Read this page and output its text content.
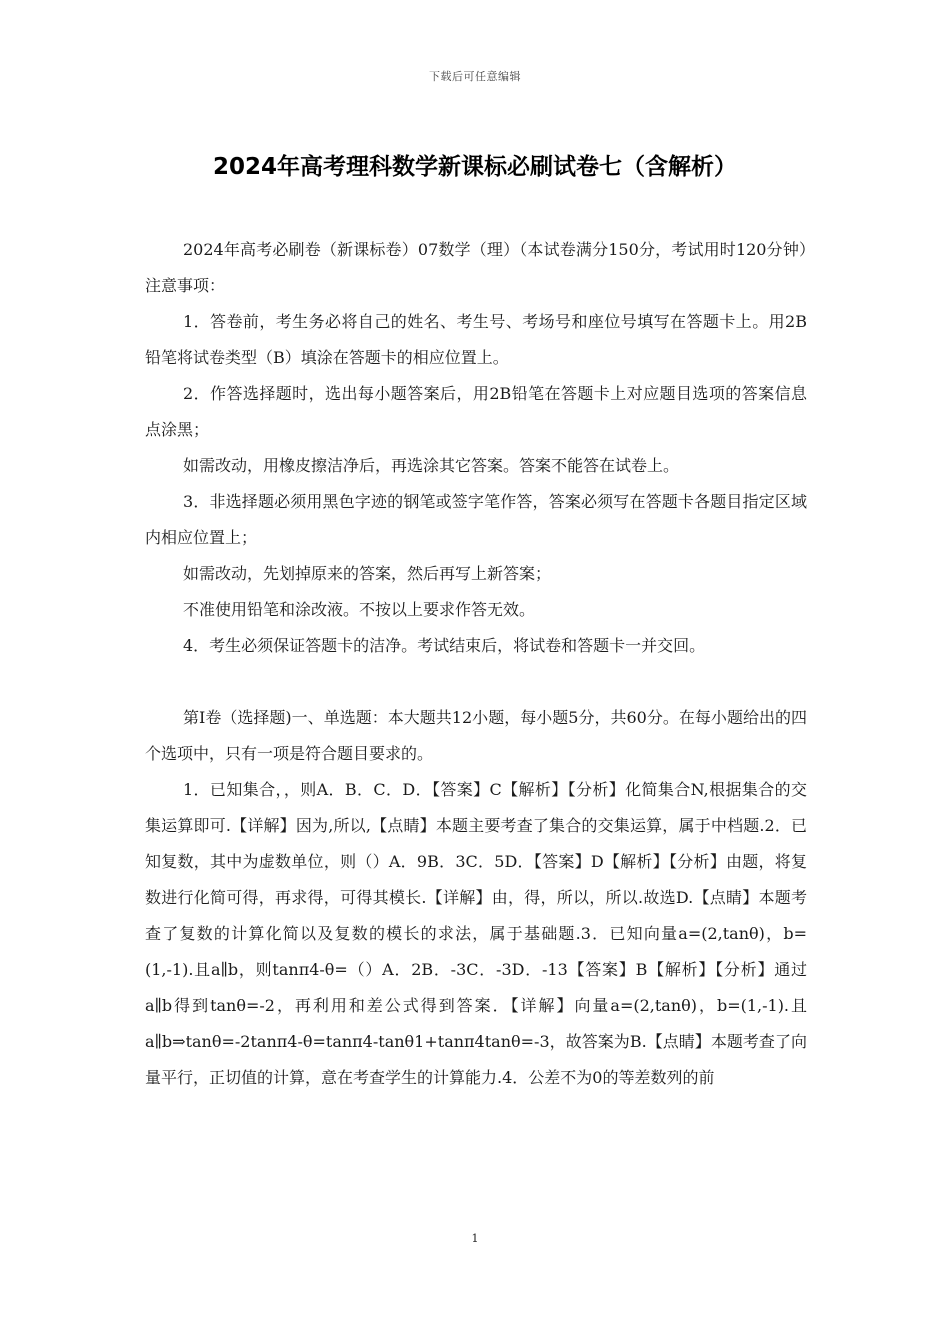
下载后可任意编辑
2024年高考理科数学新课标必刷试卷七（含解析）

2024年高考必刷卷（新课标卷）07数学（理）（本试卷满分150分，考试用时120分钟）注意事项：

1．答卷前，考生务必将自己的姓名、考生号、考场号和座位号填写在答题卡上。用2B铅笔将试卷类型（B）填涂在答题卡的相应位置上。

2．作答选择题时，选出每小题答案后，用2B铅笔在答题卡上对应题目选项的答案信息点涂黑；

如需改动，用橡皮擦洁净后，再选涂其它答案。答案不能答在试卷上。

3．非选择题必须用黑色字迹的钢笔或签字笔作答，答案必须写在答题卡各题目指定区域内相应位置上；

如需改动，先划掉原来的答案，然后再写上新答案；

不准使用铅笔和涂改液。不按以上要求作答无效。

4．考生必须保证答题卡的洁净。考试结束后，将试卷和答题卡一并交回。

第Ⅰ卷（选择题)一、单选题：本大题共12小题，每小题5分，共60分。在每小题给出的四个选项中，只有一项是符合题目要求的。

1．已知集合，，则A．B．C．D．【答案】C【解析】【分析】化简集合N,根据集合的交集运算即可.【详解】因为,所以,【点睛】本题主要考查了集合的交集运算，属于中档题.2．已知复数，其中为虚数单位，则（）A．9B．3C．5D．【答案】D【解析】【分析】由题，将复数进行化简可得，再求得，可得其模长.【详解】由，得，所以，所以.故选D.【点睛】本题考查了复数的计算化简以及复数的模长的求法，属于基础题.3．已知向量a=(2,tanθ)，b=(1,-1).且a∥b，则tanπ4-θ=（）A．2B．-3C．-3D．-13【答案】B【解析】【分析】通过a∥b得到tanθ=-2，再利用和差公式得到答案．【详解】向量a=(2,tanθ)，b=(1,-1).且a∥b⇒tanθ=-2tanπ4-θ=tanπ4-tanθ1+tanπ4tanθ=-3，故答案为B.【点睛】本题考查了向量平行，正切值的计算，意在考查学生的计算能力.4．公差不为0的等差数列的前

1
